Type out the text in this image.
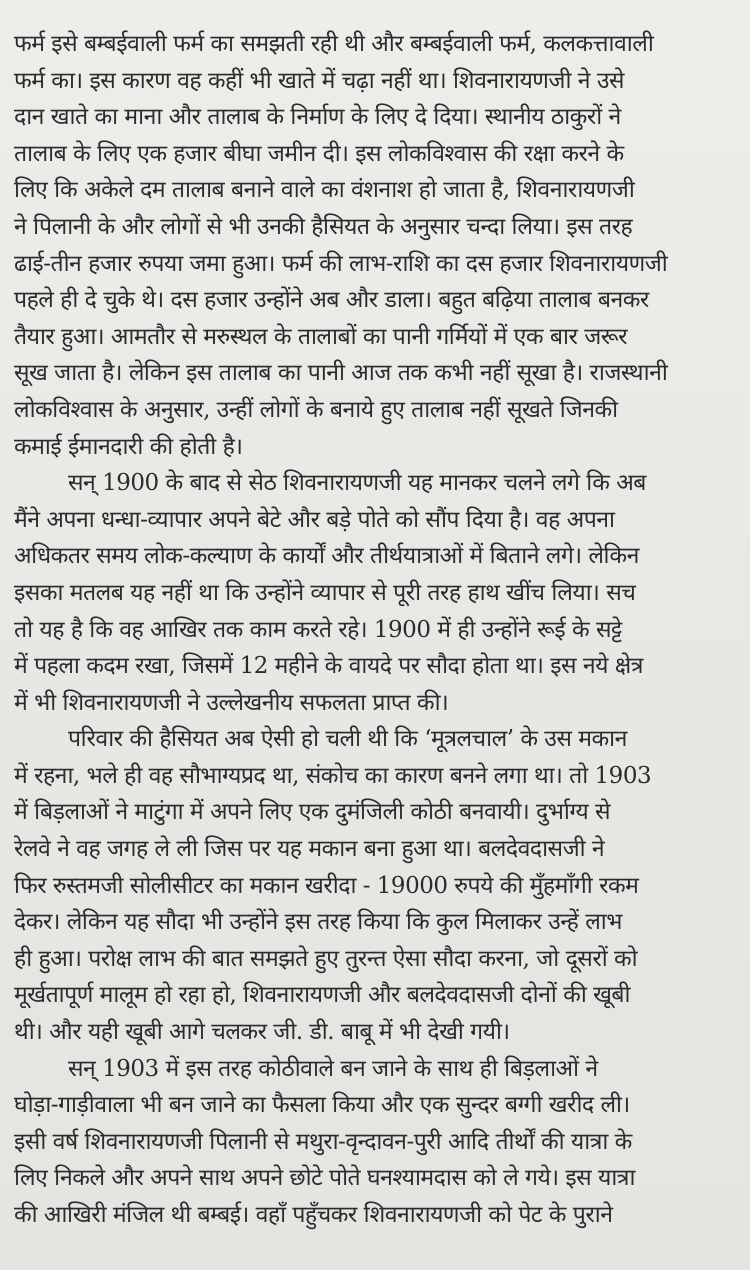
फर्म इसे बम्बईवाली फर्म का समझती रही थी और बम्बईवाली फर्म, कलकत्तावाली
फर्म का। इस कारण वह कहीं भी खाते में चढ़ा नहीं था। शिवनारायणजी ने उसे
दान खाते का माना और तालाब के निर्माण के लिए दे दिया। स्थानीय ठाकुरों ने
तालाब के लिए एक हजार बीघा जमीन दी। इस लोकविश्वास की रक्षा करने के
लिए कि अकेले दम तालाब बनाने वाले का वंशनाश हो जाता है, शिवनारायणजी
ने पिलानी के और लोगों से भी उनकी हैसियत के अनुसार चन्दा लिया। इस तरह
ढाई-तीन हजार रुपया जमा हुआ। फर्म की लाभ-राशि का दस हजार शिवनारायणजी
पहले ही दे चुके थे। दस हजार उन्होंने अब और डाला। बहुत बढ़िया तालाब बनकर
तैयार हुआ। आमतौर से मरुस्थल के तालाबों का पानी गर्मियों में एक बार जरूर
सूख जाता है। लेकिन इस तालाब का पानी आज तक कभी नहीं सूखा है। राजस्थानी
लोकविश्वास के अनुसार, उन्हीं लोगों के बनाये हुए तालाब नहीं सूखते जिनकी
कमाई ईमानदारी की होती है।
सन् 1900 के बाद से सेठ शिवनारायणजी यह मानकर चलने लगे कि अब
मैंने अपना धन्धा-व्यापार अपने बेटे और बड़े पोते को सौंप दिया है। वह अपना
अधिकतर समय लोक-कल्याण के कार्यों और तीर्थयात्राओं में बिताने लगे। लेकिन
इसका मतलब यह नहीं था कि उन्होंने व्यापार से पूरी तरह हाथ खींच लिया। सच
तो यह है कि वह आखिर तक काम करते रहे। 1900 में ही उन्होंने रूई के सट्टे
में पहला कदम रखा, जिसमें 12 महीने के वायदे पर सौदा होता था। इस नये क्षेत्र
में भी शिवनारायणजी ने उल्लेखनीय सफलता प्राप्त की।
परिवार की हैसियत अब ऐसी हो चली थी कि ‘मूत्रलचाल’ के उस मकान
में रहना, भले ही वह सौभाग्यप्रद था, संकोच का कारण बनने लगा था। तो 1903
में बिड़लाओं ने माटुंगा में अपने लिए एक दुमंजिली कोठी बनवायी। दुर्भाग्य से
रेलवे ने वह जगह ले ली जिस पर यह मकान बना हुआ था। बलदेवदासजी ने
फिर रुस्तमजी सोलीसीटर का मकान खरीदा - 19000 रुपये की मुँहमाँगी रकम
देकर। लेकिन यह सौदा भी उन्होंने इस तरह किया कि कुल मिलाकर उन्हें लाभ
ही हुआ। परोक्ष लाभ की बात समझते हुए तुरन्त ऐसा सौदा करना, जो दूसरों को
मूर्खतापूर्ण मालूम हो रहा हो, शिवनारायणजी और बलदेवदासजी दोनों की खूबी
थी। और यही खूबी आगे चलकर जी. डी. बाबू में भी देखी गयी।
सन् 1903 में इस तरह कोठीवाले बन जाने के साथ ही बिड़लाओं ने
घोड़ा-गाड़ीवाला भी बन जाने का फैसला किया और एक सुन्दर बग्गी खरीद ली।
इसी वर्ष शिवनारायणजी पिलानी से मथुरा-वृन्दावन-पुरी आदि तीर्थों की यात्रा के
लिए निकले और अपने साथ अपने छोटे पोते घनश्यामदास को ले गये। इस यात्रा
की आखिरी मंजिल थी बम्बई। वहाँ पहुँचकर शिवनारायणजी को पेट के पुराने
